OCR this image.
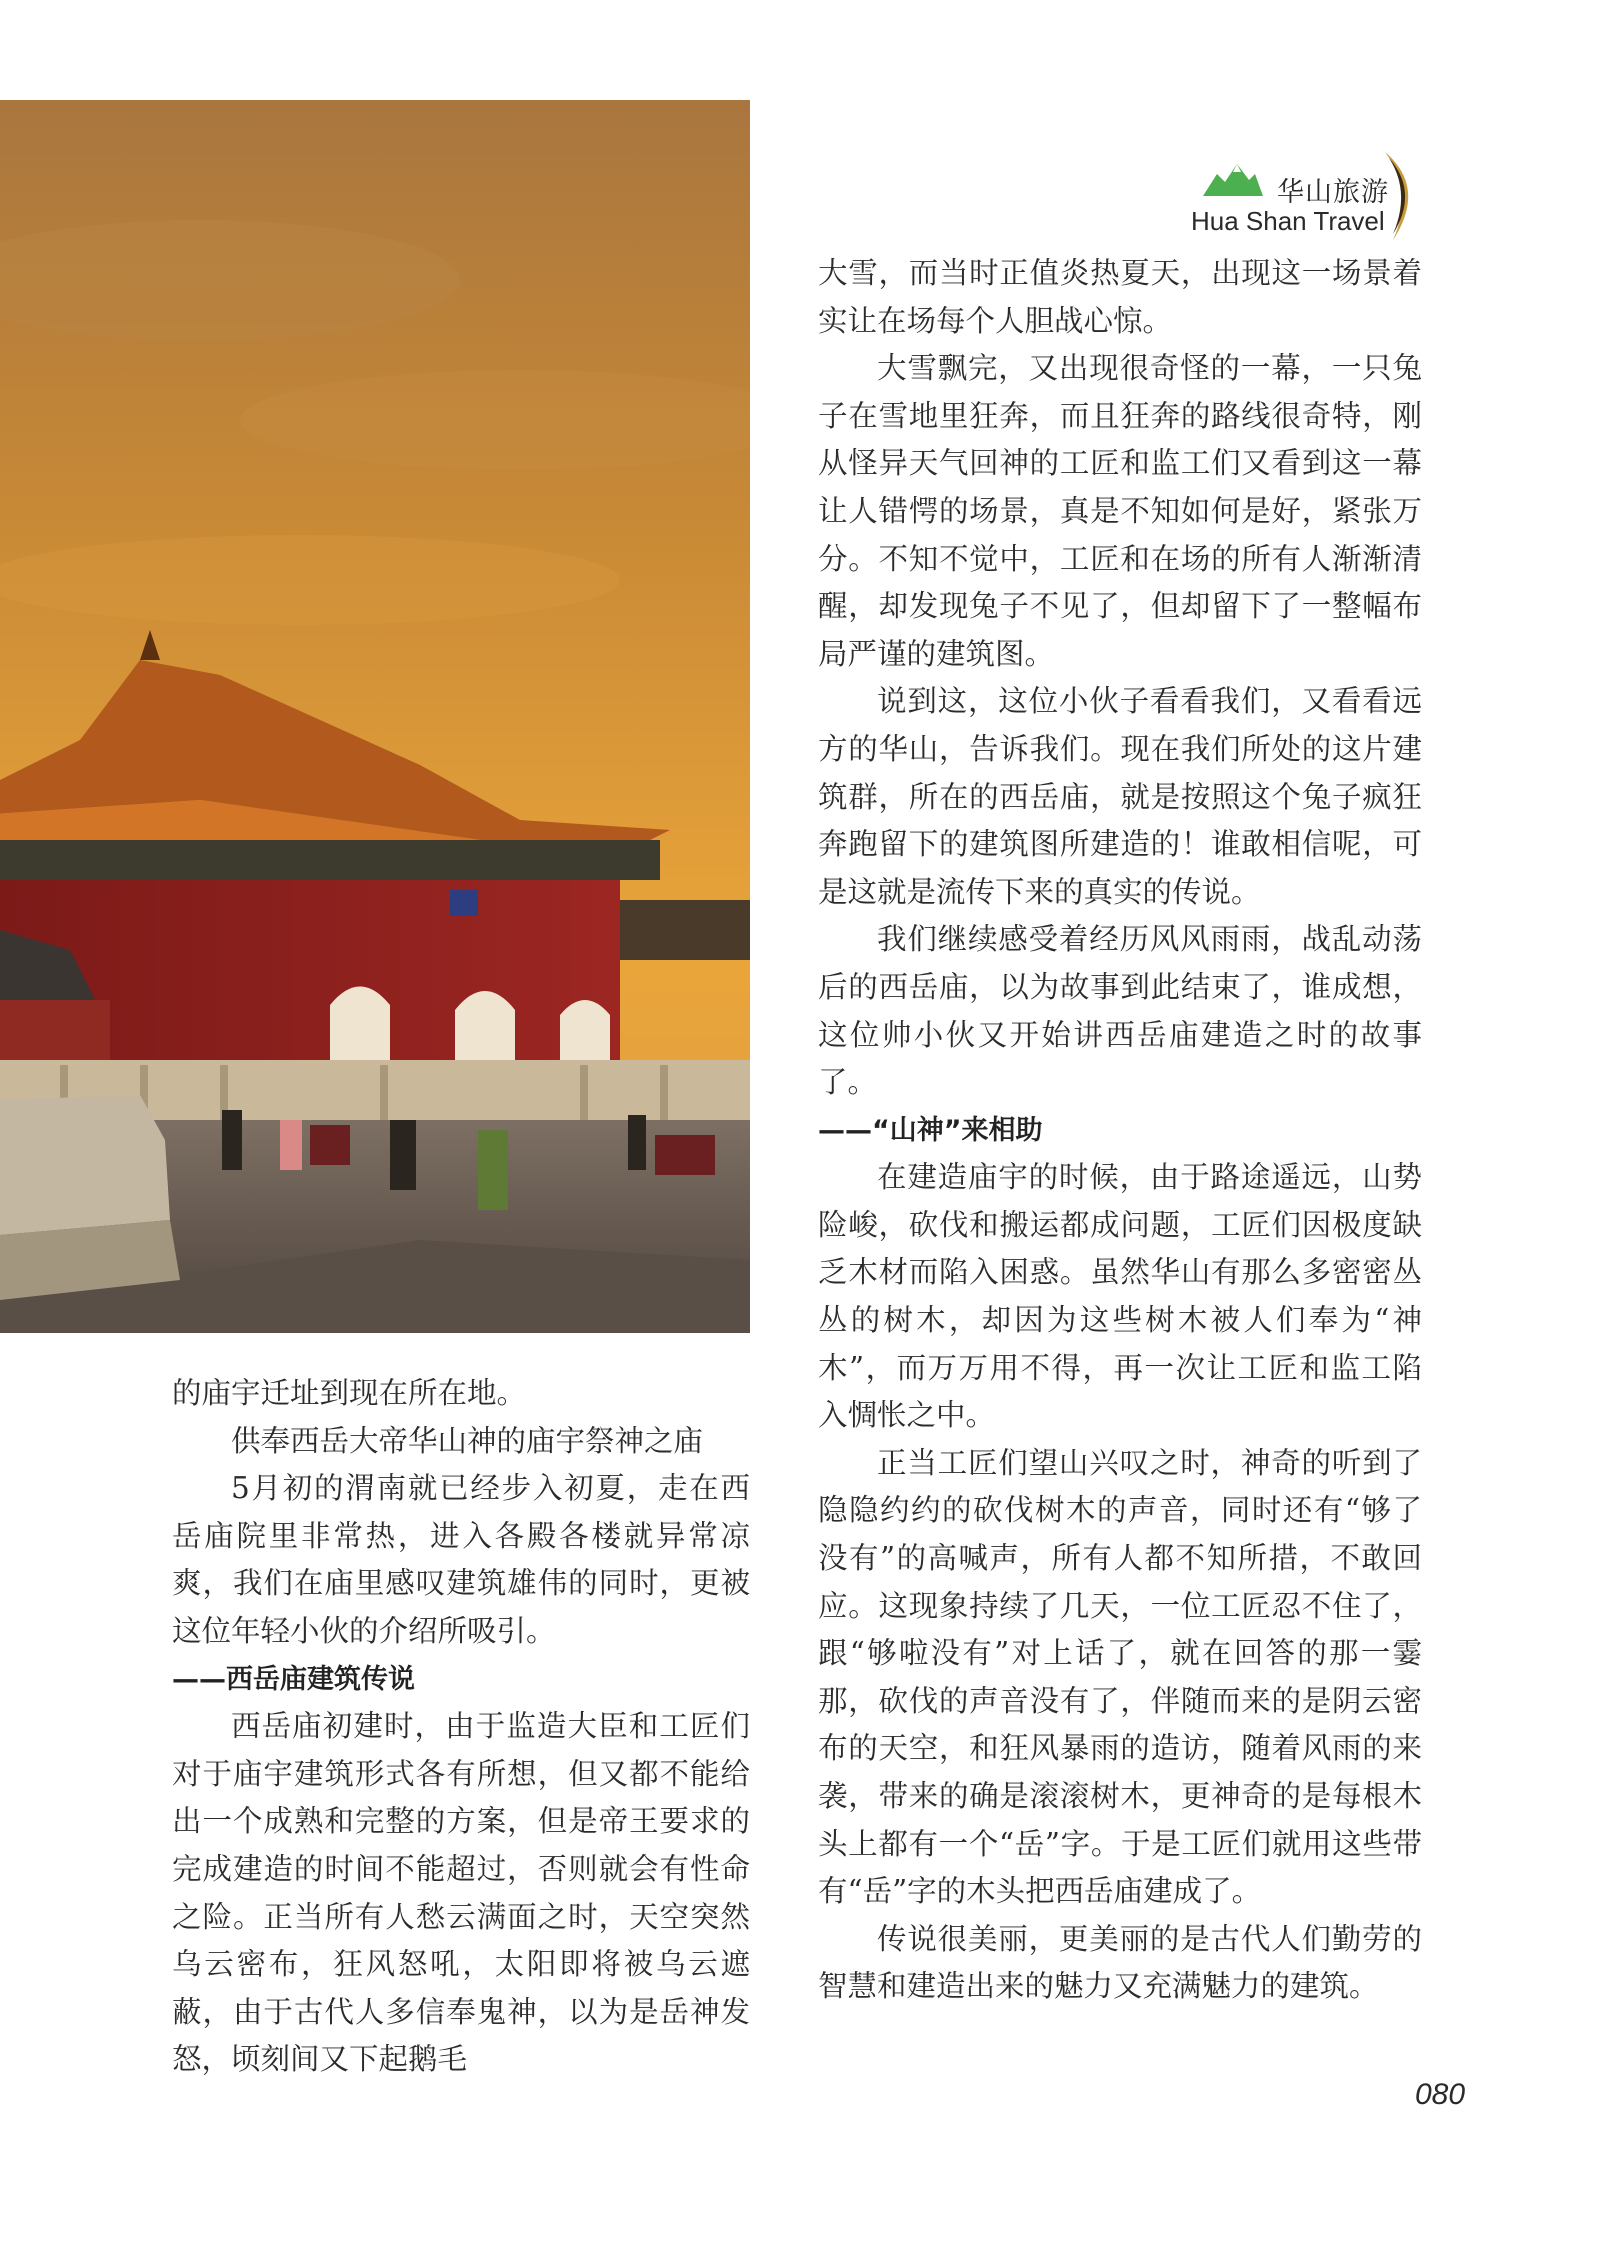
华山旅游
Hua Shan Travel

的庙宇迁址到现在所在地。

供奉西岳大帝华山神的庙宇祭神之庙

5月初的渭南就已经步入初夏，走在西岳庙院里非常热，进入各殿各楼就异常凉爽，我们在庙里感叹建筑雄伟的同时，更被这位年轻小伙的介绍所吸引。

——西岳庙建筑传说

西岳庙初建时，由于监造大臣和工匠们对于庙宇建筑形式各有所想，但又都不能给出一个成熟和完整的方案，但是帝王要求的完成建造的时间不能超过，否则就会有性命之险。正当所有人愁云满面之时，天空突然乌云密布，狂风怒吼，太阳即将被乌云遮蔽，由于古代人多信奉鬼神，以为是岳神发怒，顷刻间又下起鹅毛

大雪，而当时正值炎热夏天，出现这一场景着实让在场每个人胆战心惊。

大雪飘完，又出现很奇怪的一幕，一只兔子在雪地里狂奔，而且狂奔的路线很奇特，刚从怪异天气回神的工匠和监工们又看到这一幕让人错愕的场景，真是不知如何是好，紧张万分。不知不觉中，工匠和在场的所有人渐渐清醒，却发现兔子不见了，但却留下了一整幅布局严谨的建筑图。

说到这，这位小伙子看看我们，又看看远方的华山，告诉我们。现在我们所处的这片建筑群，所在的西岳庙，就是按照这个兔子疯狂奔跑留下的建筑图所建造的！谁敢相信呢，可是这就是流传下来的真实的传说。

我们继续感受着经历风风雨雨，战乱动荡后的西岳庙，以为故事到此结束了，谁成想，这位帅小伙又开始讲西岳庙建造之时的故事了。

——“山神”来相助

在建造庙宇的时候，由于路途遥远，山势险峻，砍伐和搬运都成问题，工匠们因极度缺乏木材而陷入困惑。虽然华山有那么多密密丛丛的树木，却因为这些树木被人们奉为“神木”，而万万用不得，再一次让工匠和监工陷入惆怅之中。

正当工匠们望山兴叹之时，神奇的听到了隐隐约约的砍伐树木的声音，同时还有“够了没有”的高喊声，所有人都不知所措，不敢回应。这现象持续了几天，一位工匠忍不住了，跟“够啦没有”对上话了，就在回答的那一霎那，砍伐的声音没有了，伴随而来的是阴云密布的天空，和狂风暴雨的造访，随着风雨的来袭，带来的确是滚滚树木，更神奇的是每根木头上都有一个“岳”字。于是工匠们就用这些带有“岳”字的木头把西岳庙建成了。

传说很美丽，更美丽的是古代人们勤劳的智慧和建造出来的魅力又充满魅力的建筑。

080
